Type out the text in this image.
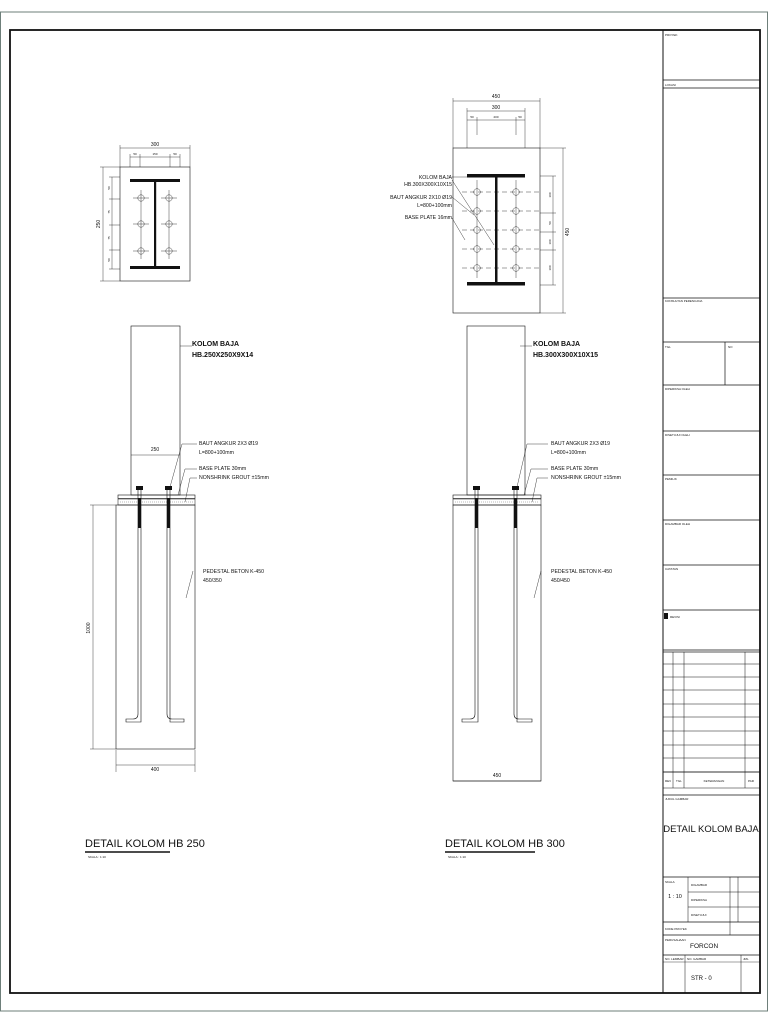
300
50	150	50
250
50
75
75
50
1000
250
400
KOLOM BAJA
HB.250X250X9X14
BAUT ANGKUR 2X3 Ø19
L=800+100mm
BASE PLATE 30mm
NONSHRINK GROUT ±15mm
PEDESTAL BETON K-450
450/350
DETAIL KOLOM HB 250
SKALA : 1:10
450
300
50	200	50
450
100
50
100
100
KOLOM BAJA
HB.300X300X10X15
BAUT ANGKUR 2X10 Ø19
L=800+100mm
BASE PLATE 16mm
450
KOLOM BAJA
HB.300X300X10X15
BAUT ANGKUR 2X3 Ø19
L=800+100mm
BASE PLATE 30mm
NONSHRINK GROUT ±15mm
PEDESTAL BETON K-450
450/450
DETAIL KOLOM HB 300
SKALA : 1:10
PROYEK
LOKASI
KONSULTAN PERENCANA
TGL	NO
DIPERIKSA OLEH
DISETUJUI OLEH
PEMILIK
DIGAMBAR OLEH
CATATAN
REVISI
REV TGL	KETERANGAN	PAR
JUDUL GAMBAR
DETAIL KOLOM BAJA
SKALA
1 : 10
DIGAMBAR
DIPERIKSA
DISETUJUI
KODE PROYEK
PERUSAHAAN
FORCON
NO. LEMBAR NO. GAMBAR	JML
STR - 0
